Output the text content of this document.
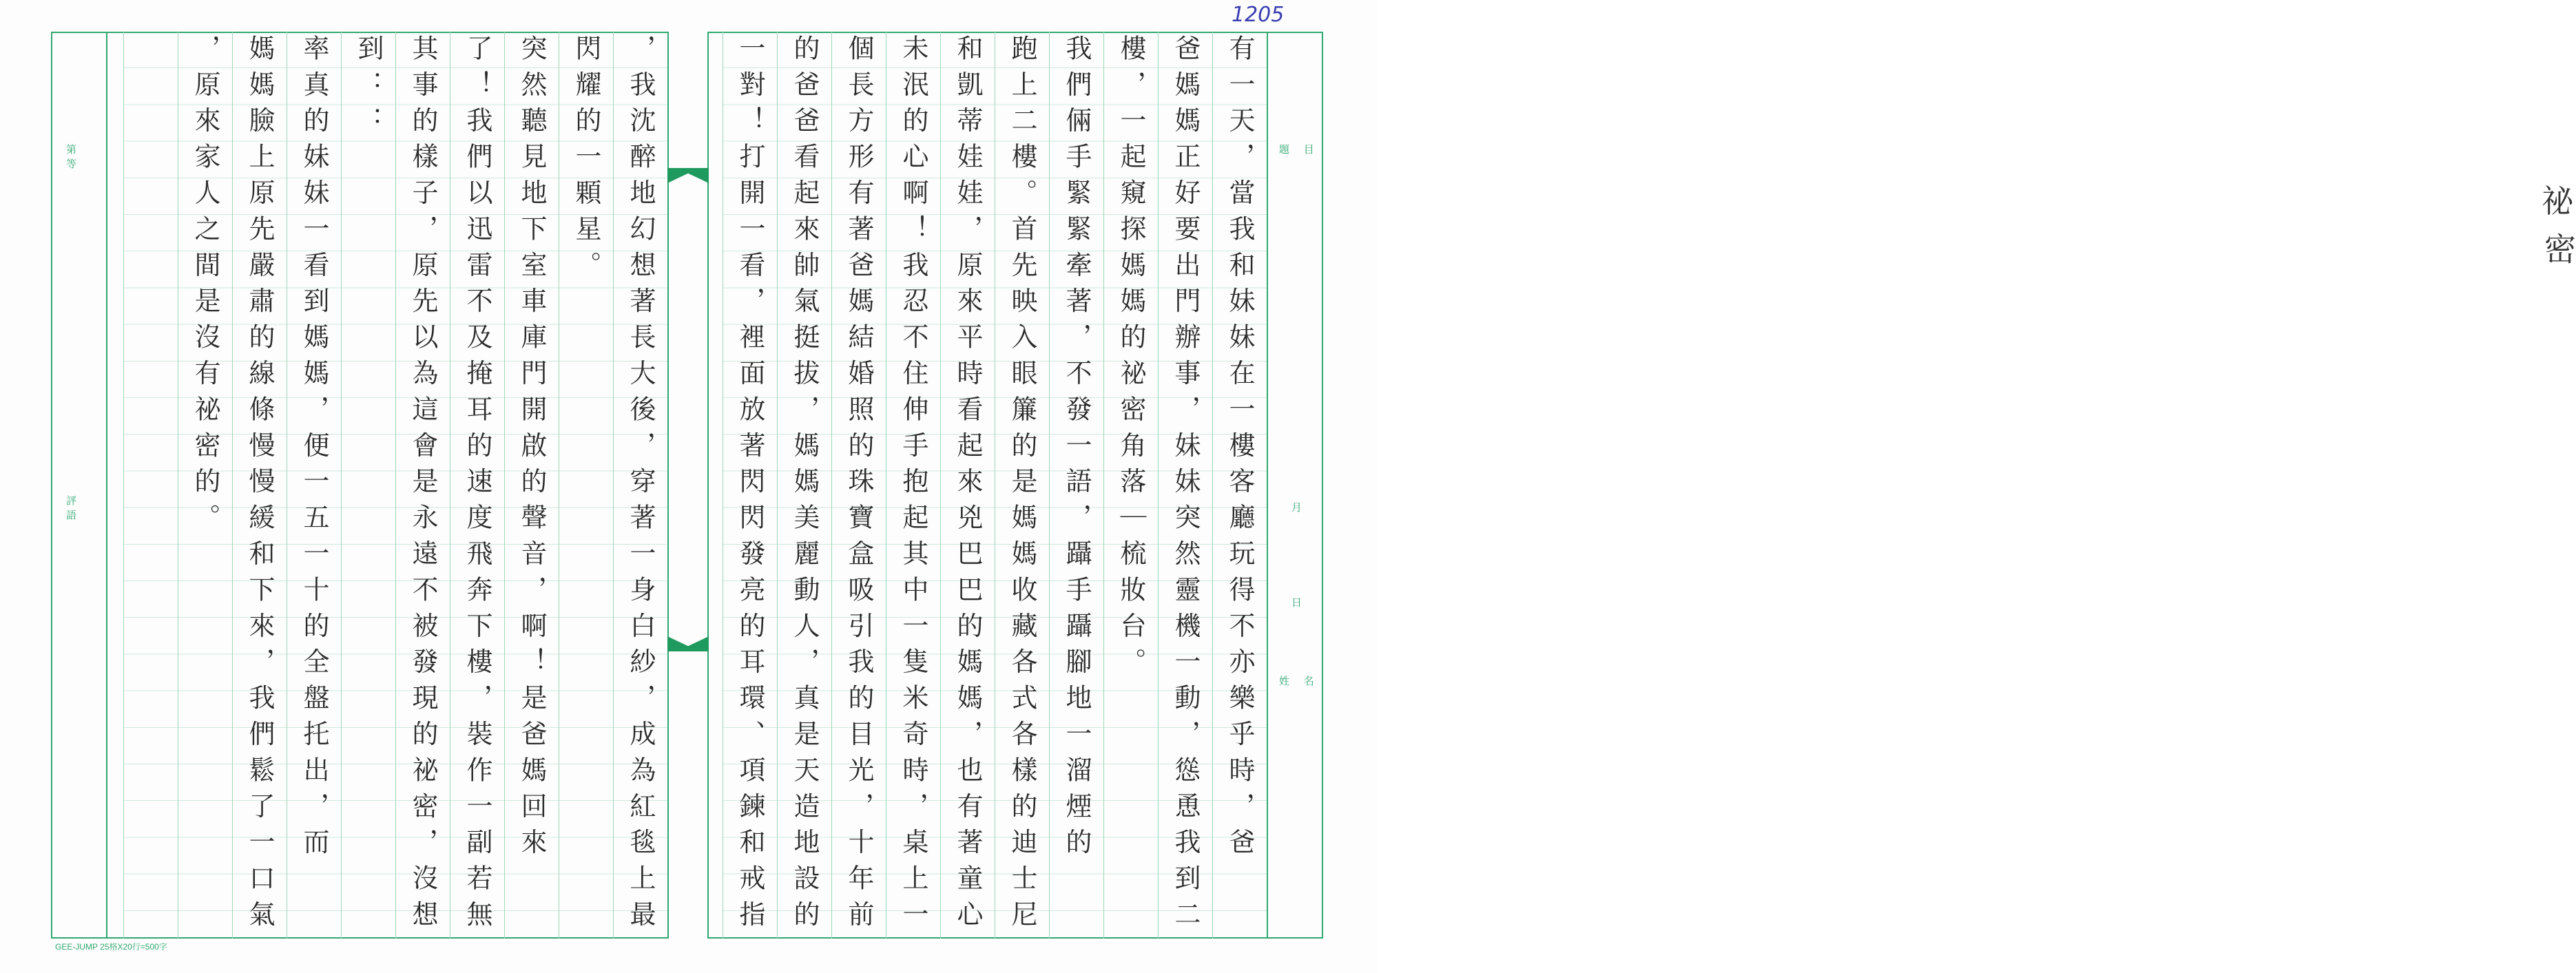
1205
第 等
評 語	，我沈醉地幻想著長大後，穿著一身白紗，成為紅毯上最
閃耀的一顆星。
突然聽見地下室車庫門開啟的聲音，啊！是爸媽回來
了！我們以迅雷不及掩耳的速度飛奔下樓，裝作一副若無
其事的樣子，原先以為這會是永遠不被發現的祕密，沒想
到：：
率真的妹妹一看到媽媽，便一五一十的全盤托出，而
媽媽臉上原先嚴肅的線條慢慢緩和下來，我們鬆了一口氣
，原來家人之間是沒有祕密的。	有一天，當我和妹妹在一樓客廳玩得不亦樂乎時，爸
爸媽媽正好要出門辦事，妹妹突然靈機一動，慫恿我到二
樓，一起窺探媽媽的祕密角落｜梳妝台。
我們倆手緊緊牽著，不發一語，躡手躡腳地一溜煙的
跑上二樓。首先映入眼簾的是媽媽收藏各式各樣的迪士尼
和凱蒂娃娃，原來平時看起來兇巴巴的媽媽，也有著童心
未泯的心啊！我忍不住伸手抱起其中一隻米奇時，桌上一
個長方形有著爸媽結婚照的珠寶盒吸引我的目光，十年前
的爸爸看起來帥氣挺拔，媽媽美麗動人，真是天造地設的
一對！打開一看，裡面放著閃閃發亮的耳環、項鍊和戒指	題 目
祕
密
月
日
姓 名
GEE-JUMP 25格X20行=500字
